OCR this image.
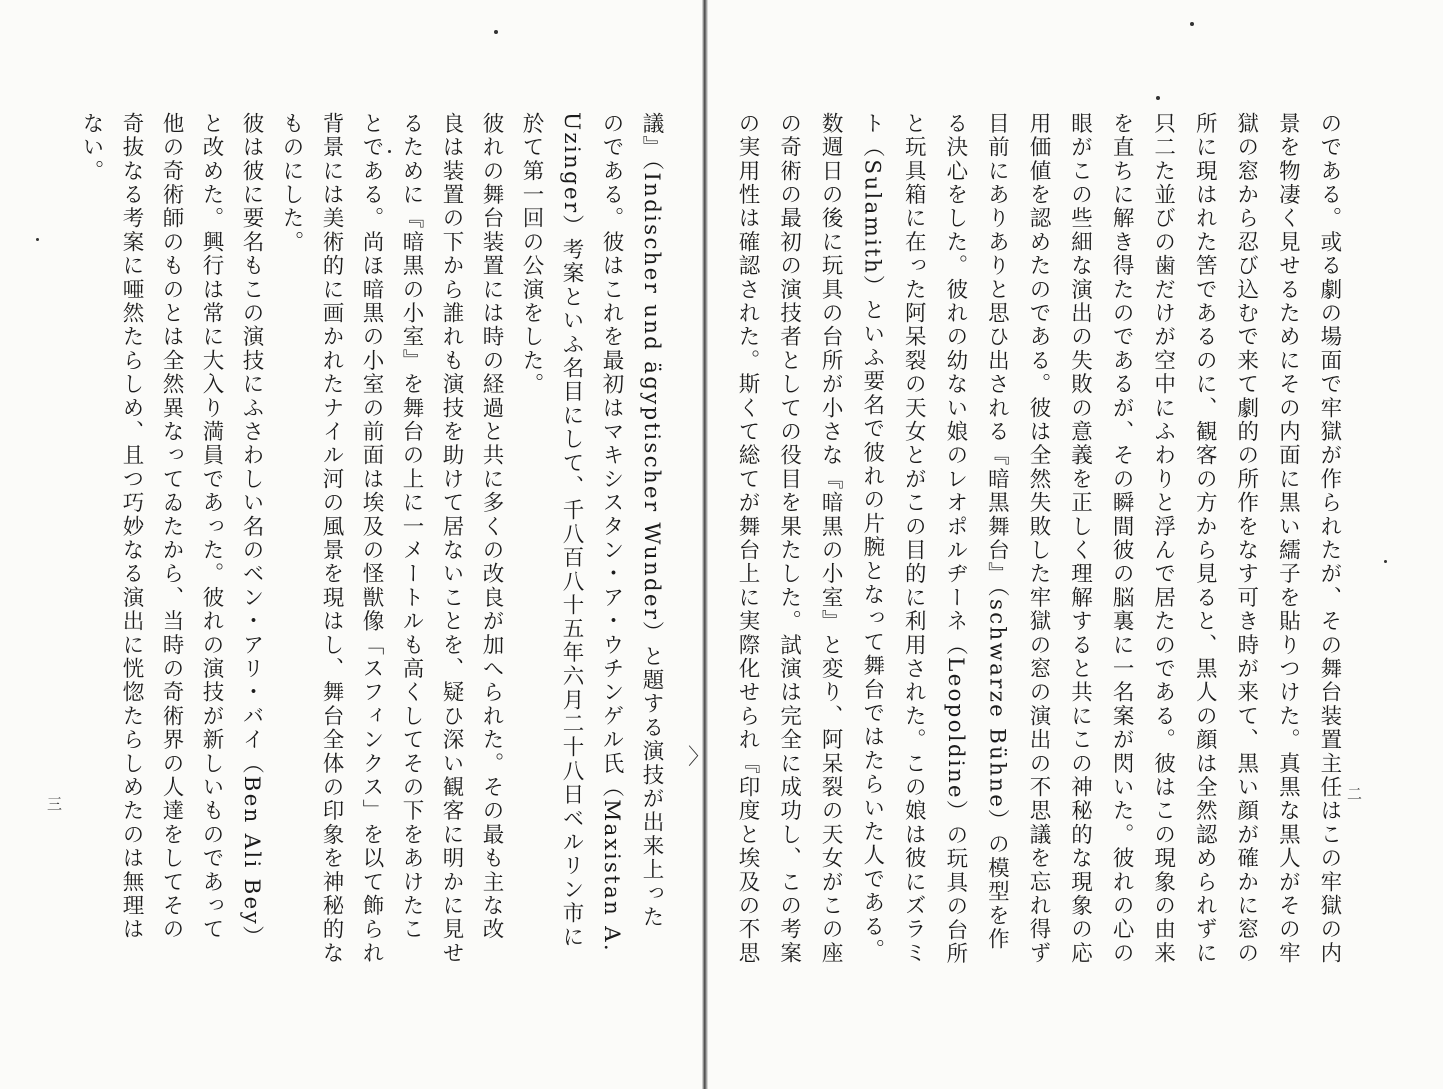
議』（Indischer und ägyptischer Wunder）と題する演技が出来上った
のである。彼はこれを最初はマキシスタン・ア・ウチンゲル氏（Maxistan A.
Uzinger）考案といふ名目にして、千八百八十五年六月二十八日ベルリン市に
於て第一回の公演をした。
彼れの舞台装置には時の経過と共に多くの改良が加へられた。その最も主な改
良は装置の下から誰れも演技を助けて居ないことを、疑ひ深い観客に明かに見せ
るために『暗黒の小室』を舞台の上に一メートルも高くしてその下をあけたこ
とである。尚ほ暗黒の小室の前面は埃及の怪獣像「スフィンクス」を以て飾られ
背景には美術的に画かれたナイル河の風景を現はし、舞台全体の印象を神秘的な
ものにした。
彼は彼に要名もこの演技にふさわしい名のベン・アリ・バイ（Ben Ali Bey）
と改めた。興行は常に大入り満員であった。彼れの演技が新しいものであって
他の奇術師のものとは全然異なってゐたから、当時の奇術界の人達をしてその
奇抜なる考案に唖然たらしめ、且つ巧妙なる演出に恍惚たらしめたのは無理は
ない。
三
〉	のである。或る劇の場面で牢獄が作られたが、その舞台装置主任はこの牢獄の内
景を物凄く見せるためにその内面に黒い繻子を貼りつけた。真黒な黒人がその牢
獄の窓から忍び込むで来て劇的の所作をなす可き時が来て、黒い顔が確かに窓の
所に現はれた筈であるのに、観客の方から見ると、黒人の顔は全然認められずに
只二た並びの歯だけが空中にふわりと浮んで居たのである。彼はこの現象の由来
を直ちに解き得たのであるが、その瞬間彼の脳裏に一名案が閃いた。彼れの心の
眼がこの些細な演出の失敗の意義を正しく理解すると共にこの神秘的な現象の応
用価値を認めたのである。彼は全然失敗した牢獄の窓の演出の不思議を忘れ得ず
目前にありありと思ひ出される『暗黒舞台』（schwarze Bühne）の模型を作
る決心をした。彼れの幼ない娘のレオポルヂーネ（Leopoldine）の玩具の台所
と玩具箱に在った阿呆裂の天女とがこの目的に利用された。この娘は彼にズラミ
ト（Sulamith）といふ要名で彼れの片腕となって舞台ではたらいた人である。
数週日の後に玩具の台所が小さな『暗黒の小室』と変り、阿呆裂の天女がこの座
の奇術の最初の演技者としての役目を果たした。試演は完全に成功し、この考案
の実用性は確認された。斯くて総てが舞台上に実際化せられ『印度と埃及の不思	二
